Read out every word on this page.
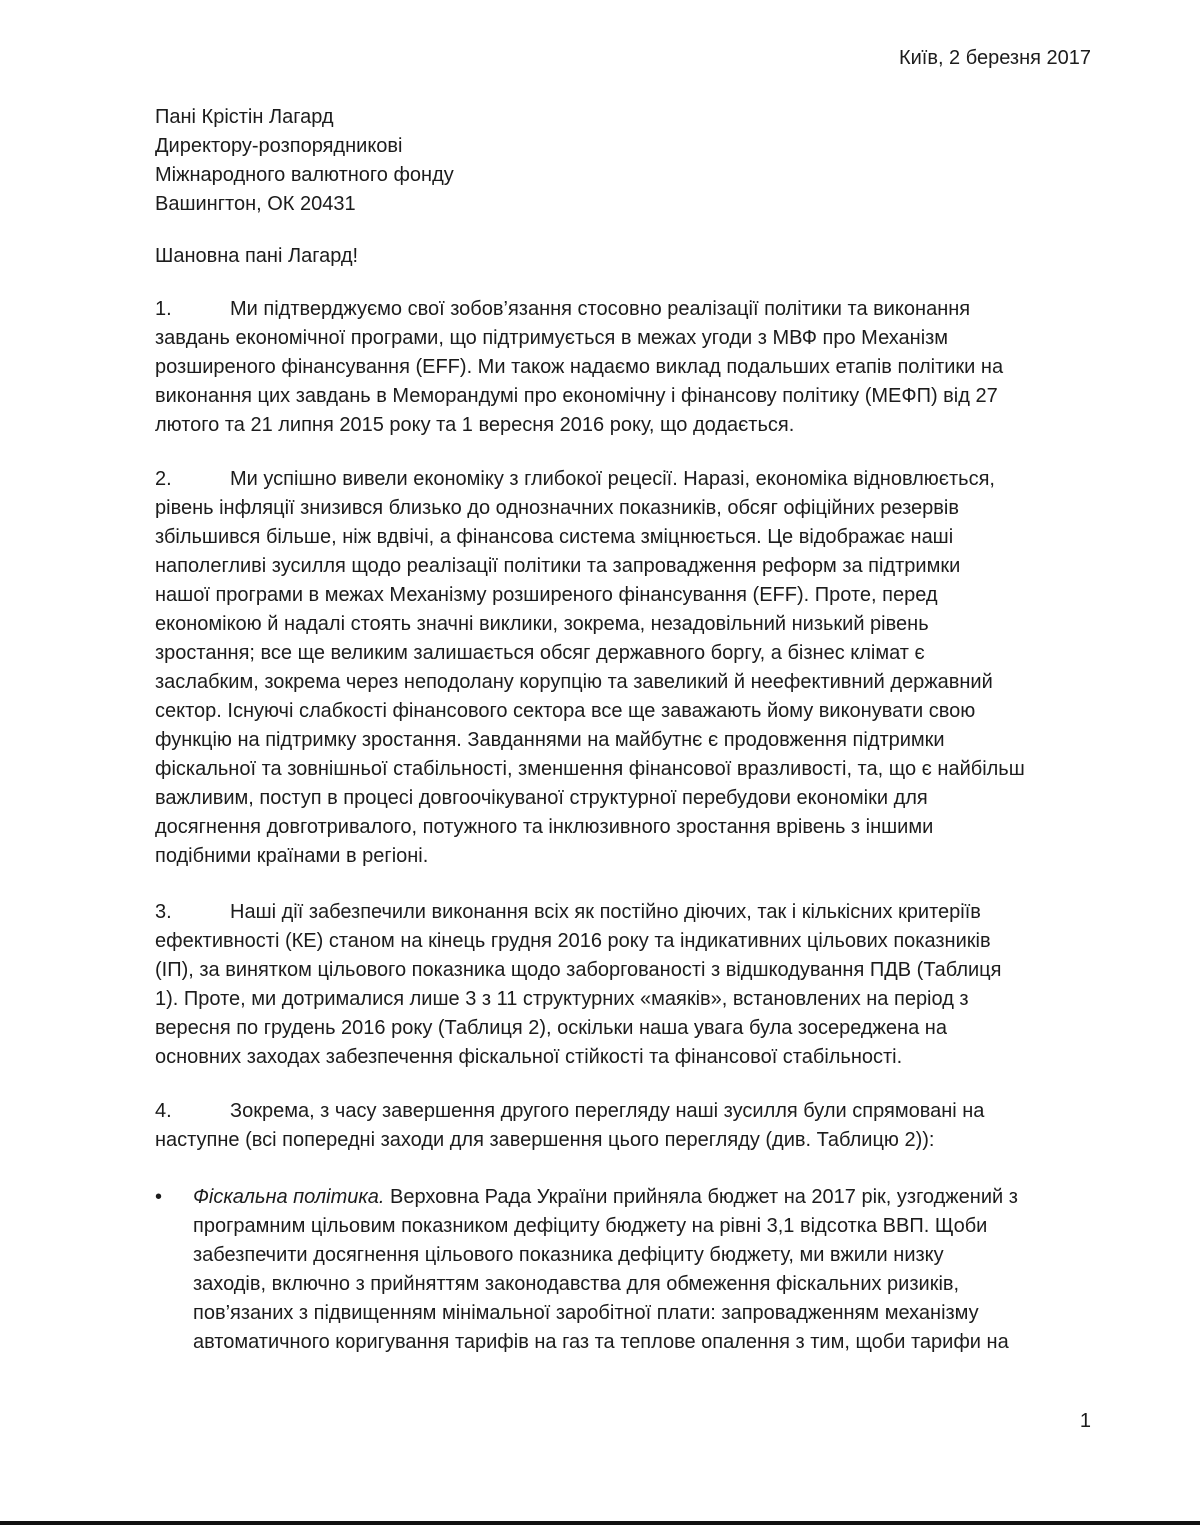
Київ, 2 березня 2017
Пані Крістін Лагард
Директору-розпорядникові
Міжнародного валютного фонду
Вашингтон, ОК 20431
Шановна пані Лагард!
1.	Ми підтверджуємо свої зобов’язання стосовно реалізації політики та виконання
завдань економічної програми, що підтримується в межах угоди з МВФ про Механізм
розширеного фінансування (EFF). Ми також надаємо виклад подальших етапів політики на
виконання цих завдань в Меморандумі про економічну і фінансову політику (МЕФП) від 27
лютого та 21 липня 2015 року та 1 вересня 2016 року, що додається.
2.	Ми успішно вивели економіку з глибокої рецесії. Наразі, економіка відновлюється,
рівень інфляції знизився близько до однозначних показників, обсяг офіційних резервів
збільшився більше, ніж вдвічі, а фінансова система зміцнюється. Це відображає наші
наполегливі зусилля щодо реалізації політики та запровадження реформ за підтримки
нашої програми в межах Механізму розширеного фінансування (EFF). Проте, перед
економікою й надалі стоять значні виклики, зокрема, незадовільний низький рівень
зростання; все ще великим залишається обсяг державного боргу, а бізнес клімат є
заслабким, зокрема через неподолану корупцію та завеликий й неефективний державний
сектор. Існуючі слабкості фінансового сектора все ще заважають йому виконувати свою
функцію на підтримку зростання. Завданнями на майбутнє є продовження підтримки
фіскальної та зовнішньої стабільності, зменшення фінансової вразливості, та, що є найбільш
важливим, поступ в процесі довгоочікуваної структурної перебудови економіки для
досягнення довготривалого, потужного та інклюзивного зростання врівень з іншими
подібними країнами в регіоні.
3.	Наші дії забезпечили виконання всіх як постійно діючих, так і кількісних критеріїв
ефективності (КЕ) станом на кінець грудня 2016 року та індикативних цільових показників
(ІП), за винятком цільового показника щодо заборгованості з відшкодування ПДВ (Таблиця
1). Проте, ми дотрималися лише 3 з 11 структурних «маяків», встановлених на період з
вересня по грудень 2016 року (Таблиця 2), оскільки наша увага була зосереджена на
основних заходах забезпечення фіскальної стійкості та фінансової стабільності.
4.	Зокрема, з часу завершення другого перегляду наші зусилля були спрямовані на
наступне (всі попередні заходи для завершення цього перегляду (див. Таблицю 2)):
•	Фіскальна політика. Верховна Рада України прийняла бюджет на 2017 рік, узгоджений з
програмним цільовим показником дефіциту бюджету на рівні 3,1 відсотка ВВП. Щоби
забезпечити досягнення цільового показника дефіциту бюджету, ми вжили низку
заходів, включно з прийняттям законодавства для обмеження фіскальних ризиків,
пов’язаних з підвищенням мінімальної заробітної плати: запровадженням механізму
автоматичного коригування тарифів на газ та теплове опалення з тим, щоби тарифи на
1
